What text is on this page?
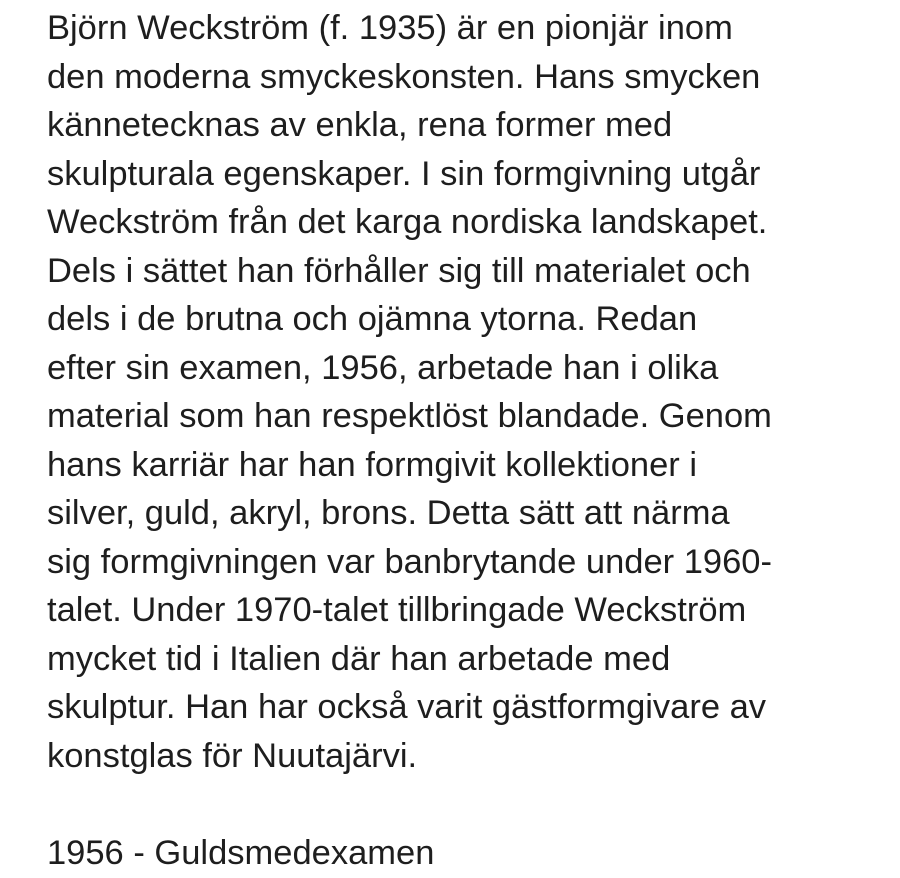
Björn Weckström (f. 1935) är en pionjär inom
den moderna smyckeskonsten. Hans smycken
kännetecknas av enkla, rena former med
skulpturala egenskaper. I sin formgivning utgår
Weckström från det karga nordiska landskapet.
Dels i sättet han förhåller sig till materialet och
dels i de brutna och ojämna ytorna. Redan
efter sin examen, 1956, arbetade han i olika
material som han respektlöst blandade. Genom
hans karriär har han formgivit kollektioner i
silver, guld, akryl, brons. Detta sätt att närma
sig formgivningen var banbrytande under 1960-
talet. Under 1970-talet tillbringade Weckström
mycket tid i Italien där han arbetade med
skulptur. Han har också varit gästformgivare av
konstglas för Nuutajärvi.

1956 - Guldsmedexamen
